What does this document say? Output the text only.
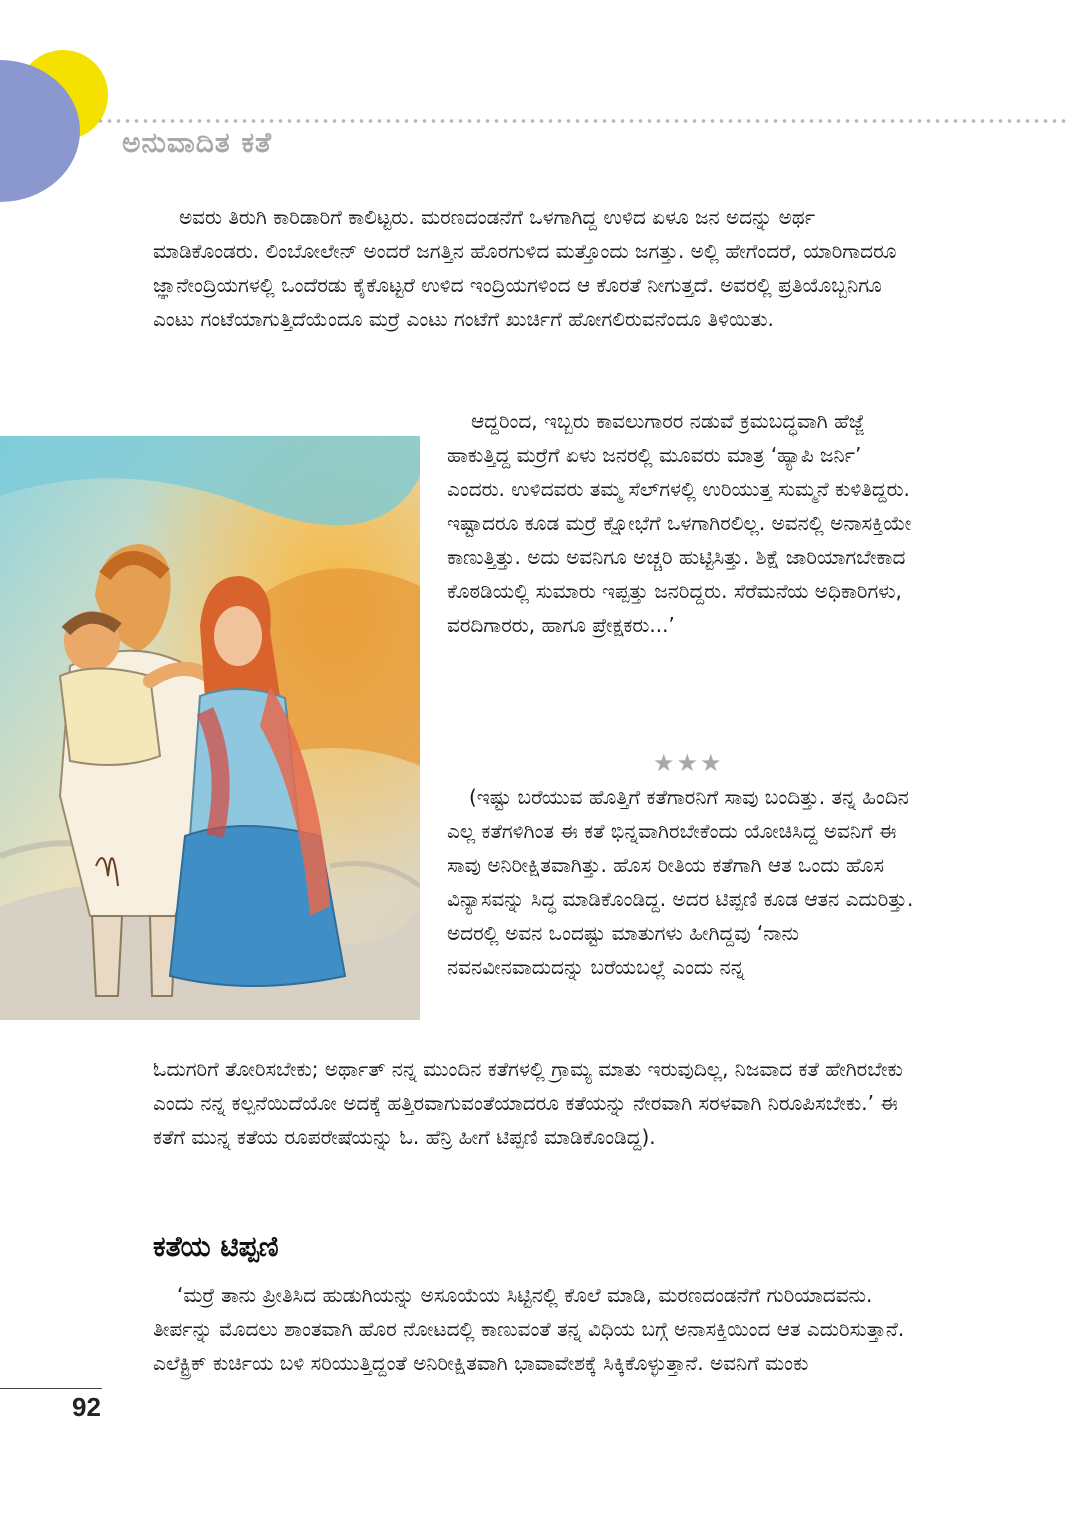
ಅನುವಾದಿತ ಕತೆ

ಅವರು ತಿರುಗಿ ಕಾರಿಡಾರಿಗೆ ಕಾಲಿಟ್ಟರು. ಮರಣದಂಡನೆಗೆ ಒಳಗಾಗಿದ್ದ ಉಳಿದ ಏಳೂ ಜನ ಅದನ್ನು ಅರ್ಥ ಮಾಡಿಕೊಂಡರು. ಲಿಂಬೋಲೇನ್ ಅಂದರೆ ಜಗತ್ತಿನ ಹೊರಗುಳಿದ ಮತ್ತೊಂದು ಜಗತ್ತು. ಅಲ್ಲಿ ಹೇಗೆಂದರೆ, ಯಾರಿಗಾದರೂ ಜ್ಞಾನೇಂದ್ರಿಯಗಳಲ್ಲಿ ಒಂದೆರಡು ಕೈಕೊಟ್ಟರೆ ಉಳಿದ ಇಂದ್ರಿಯಗಳಿಂದ ಆ ಕೊರತೆ ನೀಗುತ್ತದೆ. ಅವರಲ್ಲಿ ಪ್ರತಿಯೊಬ್ಬನಿಗೂ ಎಂಟು ಗಂಟೆಯಾಗುತ್ತಿದೆಯೆಂದೂ ಮರ್ರೆ ಎಂಟು ಗಂಟೆಗೆ ಖುರ್ಚಿಗೆ ಹೋಗಲಿರುವನೆಂದೂ ತಿಳಿಯಿತು.

ಆದ್ದರಿಂದ, ಇಬ್ಬರು ಕಾವಲುಗಾರರ ನಡುವೆ ಕ್ರಮಬದ್ಧವಾಗಿ ಹೆಜ್ಜೆ ಹಾಕುತ್ತಿದ್ದ ಮರ್ರೆಗೆ ಏಳು ಜನರಲ್ಲಿ ಮೂವರು ಮಾತ್ರ ‘ಹ್ಯಾಪಿ ಜರ್ನಿ’ ಎಂದರು. ಉಳಿದವರು ತಮ್ಮ ಸೆಲ್‌ಗಳಲ್ಲಿ ಉರಿಯುತ್ತ ಸುಮ್ಮನೆ ಕುಳಿತಿದ್ದರು. ಇಷ್ಟಾದರೂ ಕೂಡ ಮರ್ರೆ ಕ್ಷೋಭೆಗೆ ಒಳಗಾಗಿರಲಿಲ್ಲ. ಅವನಲ್ಲಿ ಅನಾಸಕ್ತಿಯೇ ಕಾಣುತ್ತಿತ್ತು. ಅದು ಅವನಿಗೂ ಅಚ್ಚರಿ ಹುಟ್ಟಿಸಿತ್ತು. ಶಿಕ್ಷೆ ಜಾರಿಯಾಗಬೇಕಾದ ಕೊಠಡಿಯಲ್ಲಿ ಸುಮಾರು ಇಪ್ಪತ್ತು ಜನರಿದ್ದರು. ಸೆರೆಮನೆಯ ಅಧಿಕಾರಿಗಳು, ವರದಿಗಾರರು, ಹಾಗೂ ಪ್ರೇಕ್ಷಕರು...’

★★★

(ಇಷ್ಟು ಬರೆಯುವ ಹೊತ್ತಿಗೆ ಕತೆಗಾರನಿಗೆ ಸಾವು ಬಂದಿತ್ತು. ತನ್ನ ಹಿಂದಿನ ಎಲ್ಲ ಕತೆಗಳಿಗಿಂತ ಈ ಕತೆ ಭಿನ್ನವಾಗಿರಬೇಕೆಂದು ಯೋಚಿಸಿದ್ದ ಅವನಿಗೆ ಈ ಸಾವು ಅನಿರೀಕ್ಷಿತವಾಗಿತ್ತು. ಹೊಸ ರೀತಿಯ ಕತೆಗಾಗಿ ಆತ ಒಂದು ಹೊಸ ವಿನ್ಯಾಸವನ್ನು ಸಿದ್ಧ ಮಾಡಿಕೊಂಡಿದ್ದ. ಅದರ ಟಿಪ್ಪಣಿ ಕೂಡ ಆತನ ಎದುರಿತ್ತು. ಅದರಲ್ಲಿ ಅವನ ಒಂದಷ್ಟು ಮಾತುಗಳು ಹೀಗಿದ್ದವು ‘ನಾನು ನವನವೀನವಾದುದನ್ನು ಬರೆಯಬಲ್ಲೆ ಎಂದು ನನ್ನ

ಓದುಗರಿಗೆ ತೋರಿಸಬೇಕು; ಅರ್ಥಾತ್ ನನ್ನ ಮುಂದಿನ ಕತೆಗಳಲ್ಲಿ ಗ್ರಾಮ್ಯ ಮಾತು ಇರುವುದಿಲ್ಲ, ನಿಜವಾದ ಕತೆ ಹೇಗಿರಬೇಕು ಎಂದು ನನ್ನ ಕಲ್ಪನೆಯಿದೆಯೋ ಅದಕ್ಕೆ ಹತ್ತಿರವಾಗುವಂತೆಯಾದರೂ ಕತೆಯನ್ನು ನೇರವಾಗಿ ಸರಳವಾಗಿ ನಿರೂಪಿಸಬೇಕು.’ ಈ ಕತೆಗೆ ಮುನ್ನ ಕತೆಯ ರೂಪರೇಷೆಯನ್ನು ಓ. ಹೆನ್ರಿ ಹೀಗೆ ಟಿಪ್ಪಣಿ ಮಾಡಿಕೊಂಡಿದ್ದ).

ಕತೆಯ ಟಿಪ್ಪಣಿ

‘ಮರ್ರೆ ತಾನು ಪ್ರೀತಿಸಿದ ಹುಡುಗಿಯನ್ನು ಅಸೂಯೆಯ ಸಿಟ್ಟಿನಲ್ಲಿ ಕೊಲೆ ಮಾಡಿ, ಮರಣದಂಡನೆಗೆ ಗುರಿಯಾದವನು. ತೀರ್ಪನ್ನು ಮೊದಲು ಶಾಂತವಾಗಿ ಹೊರ ನೋಟದಲ್ಲಿ ಕಾಣುವಂತೆ ತನ್ನ ವಿಧಿಯ ಬಗ್ಗೆ ಅನಾಸಕ್ತಿಯಿಂದ ಆತ ಎದುರಿಸುತ್ತಾನೆ. ಎಲೆಕ್ಟ್ರಿಕ್ ಕುರ್ಚಿಯ ಬಳಿ ಸರಿಯುತ್ತಿದ್ದಂತೆ ಅನಿರೀಕ್ಷಿತವಾಗಿ ಭಾವಾವೇಶಕ್ಕೆ ಸಿಕ್ಕಿಕೊಳ್ಳುತ್ತಾನೆ. ಅವನಿಗೆ ಮಂಕು

92
